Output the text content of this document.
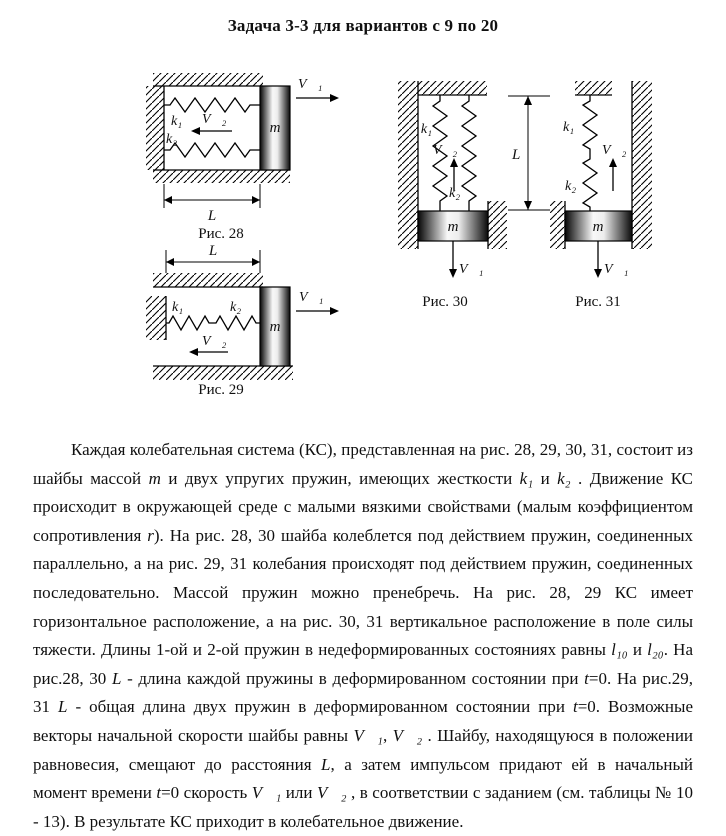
Задача 3-3 для вариантов с 9 по 20
m
V⃗₁
V⃗₂
k₁
k₂
L
Рис. 28
L
m
V⃗₁
V⃗₂
k₁	k₂
Рис. 29
V⃗₂
k₁
k₂
m
V⃗₁
Рис. 30
L	V⃗₂
k₁
k₂
m
V⃗₁
Рис. 31

Каждая колебательная система (КС), представленная на рис. 28, 29, 30, 31, состоит из шайбы массой m и двух упругих пружин, имеющих жесткости k₁ и k₂ . Движение КС происходит в окружающей среде с малыми вязкими свойствами (малым коэффициентом сопротивления r). На рис. 28, 30 шайба колеблется под действием пружин, соединенных параллельно, а на рис. 29, 31 колебания происходят под действием пружин, соединенных последовательно. Массой пружин можно пренебречь. На рис. 28, 29 КС имеет горизонтальное расположение, а на рис. 30, 31 вертикальное расположение в поле силы тяжести. Длины 1-ой и 2-ой пружин в недеформированных состояниях равны l₁₀ и l₂₀. На рис.28, 30 L - длина каждой пружины в деформированном состоянии при t=0. На рис.29, 31 L - общая длина двух пружин в деформированном состоянии при t=0. Возможные векторы начальной скорости шайбы равны V⃗₁, V⃗₂ . Шайбу, находящуюся в положении равновесия, смещают до расстояния L, а затем импульсом придают ей в начальный момент времени t=0 скорость V⃗₁ или V⃗₂ , в соответствии с заданием (см. таблицы № 10 - 13). В результате КС приходит в колебательное движение.
